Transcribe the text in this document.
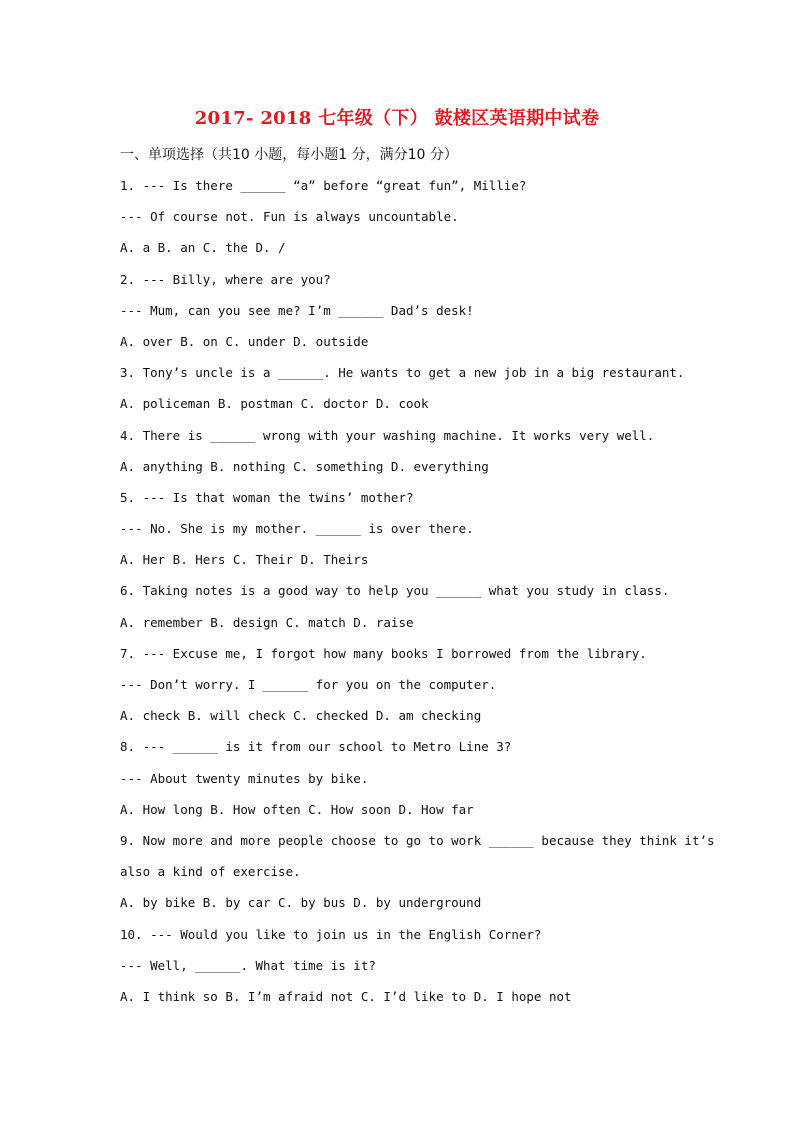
2017- 2018 七年级（下） 鼓楼区英语期中试卷
一、单项选择（共10 小题，每小题1 分，满分10 分）
1. --- Is there ______ “a” before “great fun”, Millie?
--- Of course not. Fun is always uncountable.
A. a B. an C. the D. /
2. --- Billy, where are you?
--- Mum, can you see me? I’m ______ Dad’s desk!
A. over B. on C. under D. outside
3. Tony’s uncle is a ______. He wants to get a new job in a big restaurant.
A. policeman B. postman C. doctor D. cook
4. There is ______ wrong with your washing machine. It works very well.
A. anything B. nothing C. something D. everything
5. --- Is that woman the twins’ mother?
--- No. She is my mother. ______ is over there.
A. Her B. Hers C. Their D. Theirs
6. Taking notes is a good way to help you ______ what you study in class.
A. remember B. design C. match D. raise
7. --- Excuse me, I forgot how many books I borrowed from the library.
--- Don’t worry. I ______ for you on the computer.
A. check B. will check C. checked D. am checking
8. --- ______ is it from our school to Metro Line 3?
--- About twenty minutes by bike.
A. How long B. How often C. How soon D. How far
9. Now more and more people choose to go to work ______ because they think it’s
also a kind of exercise.
A. by bike B. by car C. by bus D. by underground
10. --- Would you like to join us in the English Corner?
--- Well, ______. What time is it?
A. I think so B. I’m afraid not C. I’d like to D. I hope not
